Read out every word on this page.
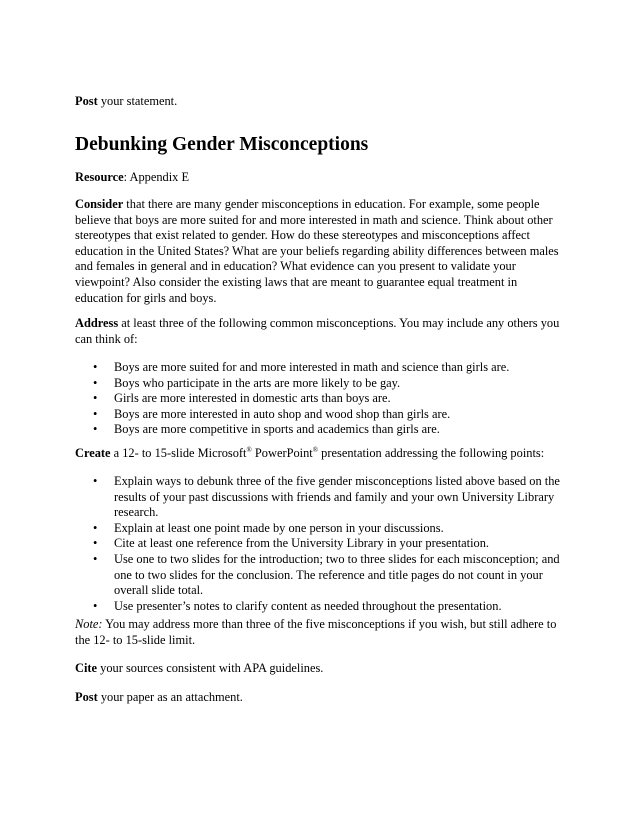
Post your statement.

Debunking Gender Misconceptions

Resource: Appendix E

Consider that there are many gender misconceptions in education. For example, some people believe that boys are more suited for and more interested in math and science. Think about other stereotypes that exist related to gender. How do these stereotypes and misconceptions affect education in the United States? What are your beliefs regarding ability differences between males and females in general and in education? What evidence can you present to validate your viewpoint? Also consider the existing laws that are meant to guarantee equal treatment in education for girls and boys.

Address at least three of the following common misconceptions. You may include any others you can think of:

• Boys are more suited for and more interested in math and science than girls are.
• Boys who participate in the arts are more likely to be gay.
• Girls are more interested in domestic arts than boys are.
• Boys are more interested in auto shop and wood shop than girls are.
• Boys are more competitive in sports and academics than girls are.

Create a 12- to 15-slide Microsoft® PowerPoint® presentation addressing the following points:

• Explain ways to debunk three of the five gender misconceptions listed above based on the results of your past discussions with friends and family and your own University Library research.
• Explain at least one point made by one person in your discussions.
• Cite at least one reference from the University Library in your presentation.
• Use one to two slides for the introduction; two to three slides for each misconception; and one to two slides for the conclusion. The reference and title pages do not count in your overall slide total.
• Use presenter’s notes to clarify content as needed throughout the presentation.

Note: You may address more than three of the five misconceptions if you wish, but still adhere to the 12- to 15-slide limit.

Cite your sources consistent with APA guidelines.

Post your paper as an attachment.
